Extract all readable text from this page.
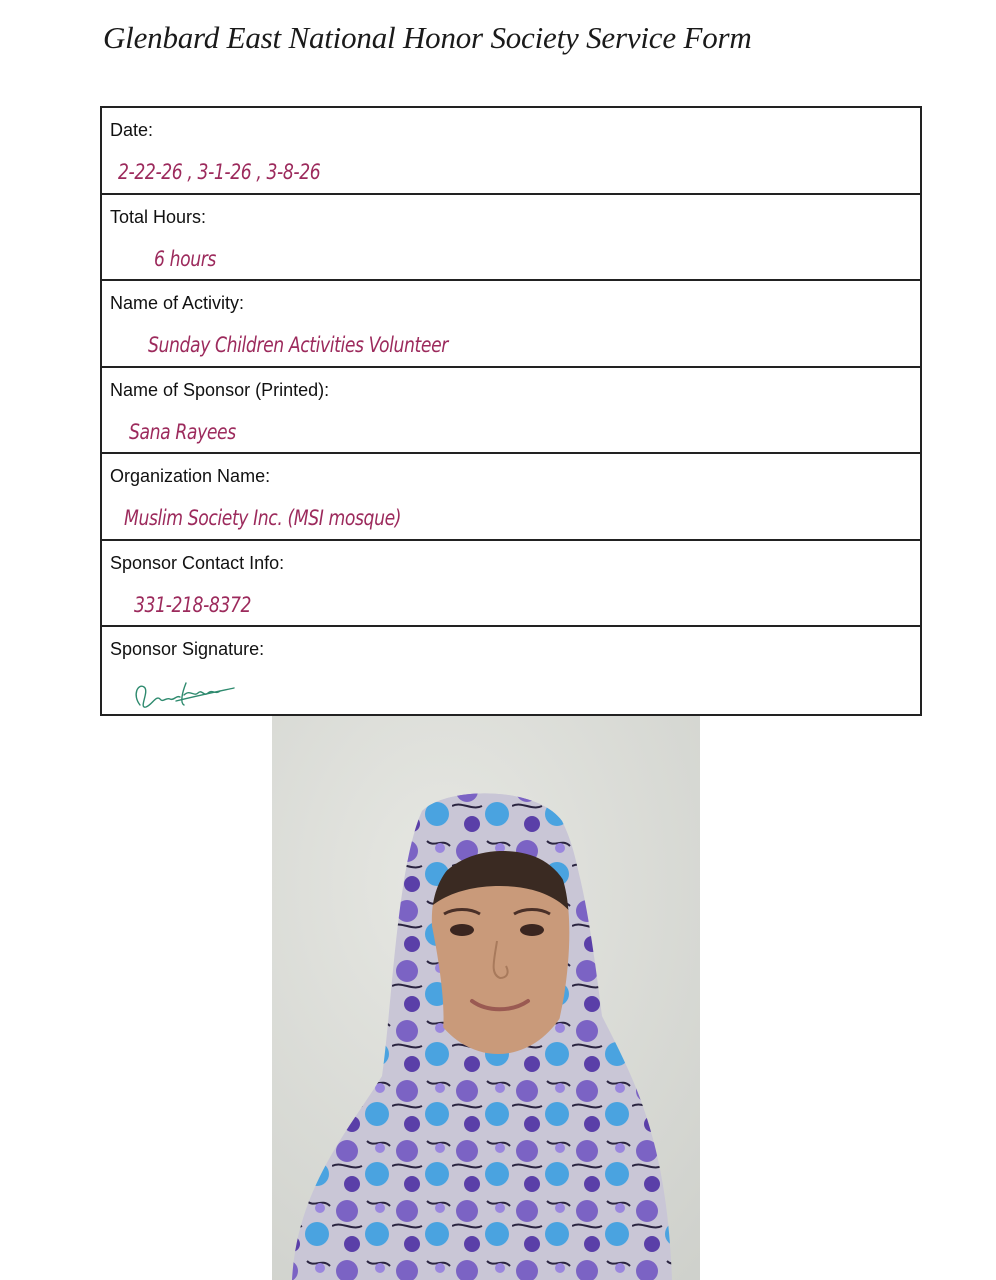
Glenbard East National Honor Society Service Form
Date:
2-22-26 , 3-1-26 , 3-8-26
Total Hours:
6 hours
Name of Activity:
Sunday Children Activities Volunteer
Name of Sponsor (Printed):
Sana Rayees
Organization Name:
Muslim Society Inc. (MSI mosque)
Sponsor Contact Info:
331-218-8372
Sponsor Signature:
